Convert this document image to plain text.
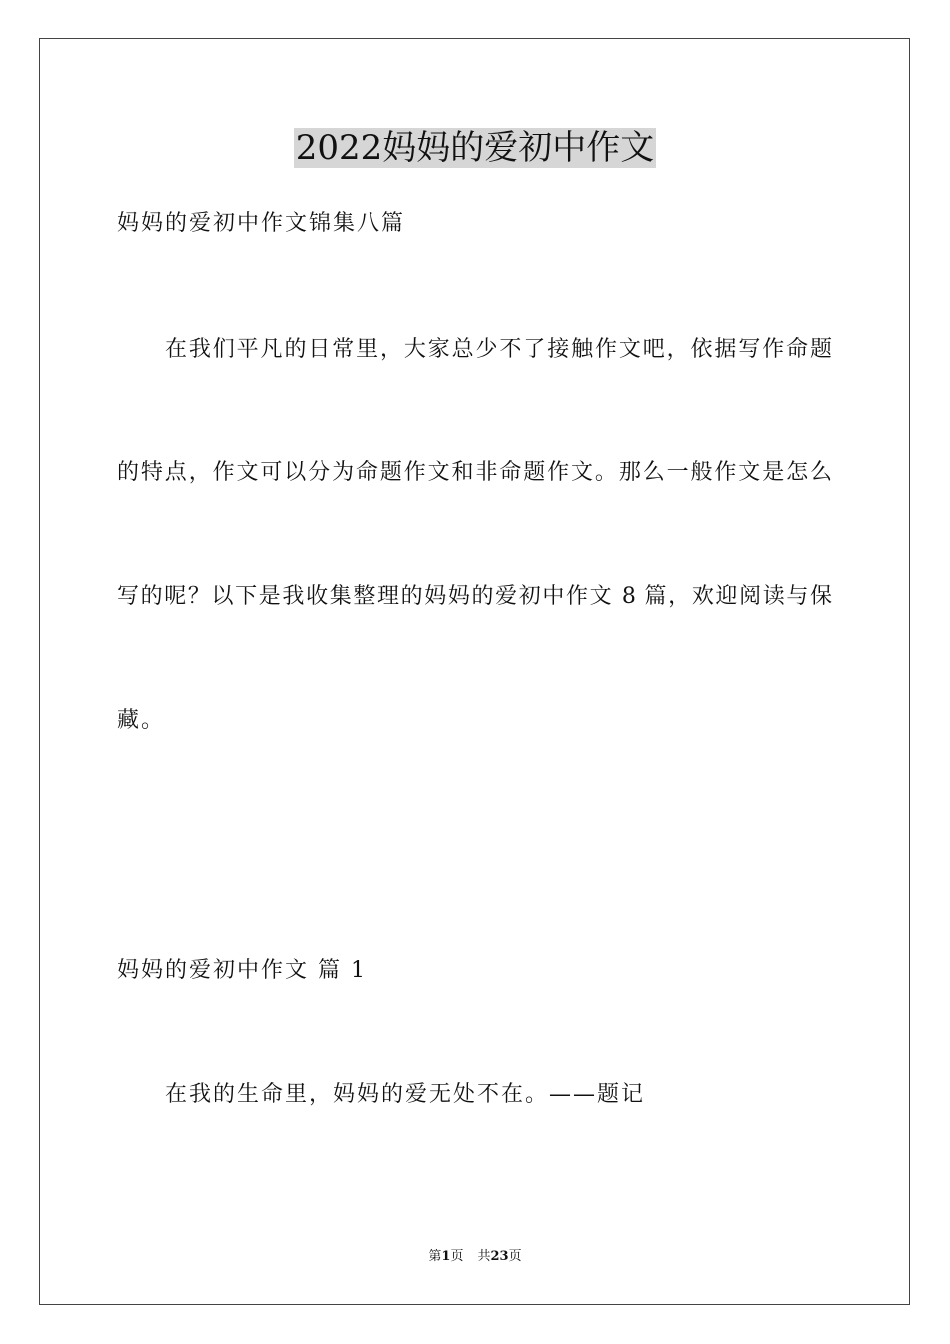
2022妈妈的爱初中作文
妈妈的爱初中作文锦集八篇
在我们平凡的日常里，大家总少不了接触作文吧，依据写作命题
的特点，作文可以分为命题作文和非命题作文。那么一般作文是怎么
写的呢？以下是我收集整理的妈妈的爱初中作文 8 篇，欢迎阅读与保
藏。
妈妈的爱初中作文 篇 1
在我的生命里，妈妈的爱无处不在。——题记
第1页 共23页
